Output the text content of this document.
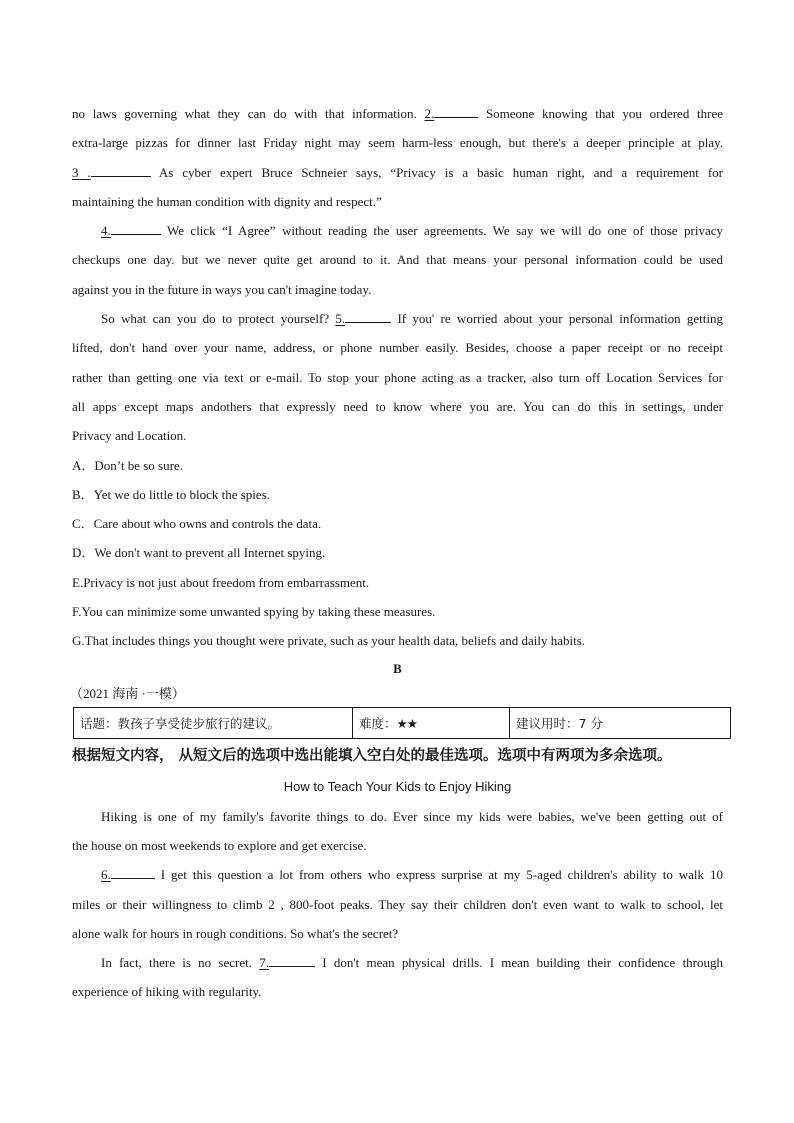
no laws governing what they can do with that information. 2.	Someone knowing that you ordered three
extra-large pizzas for dinner last Friday night may seem harm-less enough, but there's a deeper principle at play.
3 .	As cyber expert Bruce Schneier says, “Privacy is a basic human right, and a requirement for
maintaining the human condition with dignity and respect.”
4.	We click “I Agree” without reading the user agreements. We say we will do one of those privacy
checkups one day. but we never quite get around to it. And that means your personal information could be used
against you in the future in ways you can't imagine today.
So what can you do to protect yourself? 5.	If you' re worried about your personal information getting
lifted, don't hand over your name, address, or phone number easily. Besides, choose a paper receipt or no receipt
rather than getting one via text or e-mail. To stop your phone acting as a tracker, also turn off Location Services for
all apps except maps andothers that expressly need to know where you are. You can do this in settings, under
Privacy and Location.
A．Don’t be so sure.
B．Yet we do little to block the spies.
C．Care about who owns and controls the data.
D．We don't want to prevent all Internet spying.
E.Privacy is not just about freedom from embarrassment.
F.You can minimize some unwanted spying by taking these measures.
G.That includes things you thought were private, such as your health data, beliefs and daily habits.
B
（2021 海南 ·一模）
话题：教孩子享受徒步旅行的建议。	难度：★★	建议用时：7 分
根据短文内容， 从短文后的选项中选出能填入空白处的最佳选项。选项中有两项为多余选项。
How to Teach Your Kids to Enjoy Hiking
Hiking is one of my family's favorite things to do. Ever since my kids were babies, we've been getting out of
the house on most weekends to explore and get exercise.
6.	I get this question a lot from others who express surprise at my 5-aged children's ability to walk 10
miles or their willingness to climb 2 , 800-foot peaks. They say their children don't even want to walk to school, let
alone walk for hours in rough conditions. So what's the secret?
In fact, there is no secret. 7.	I don't mean physical drills. I mean building their confidence through
experience of hiking with regularity.
